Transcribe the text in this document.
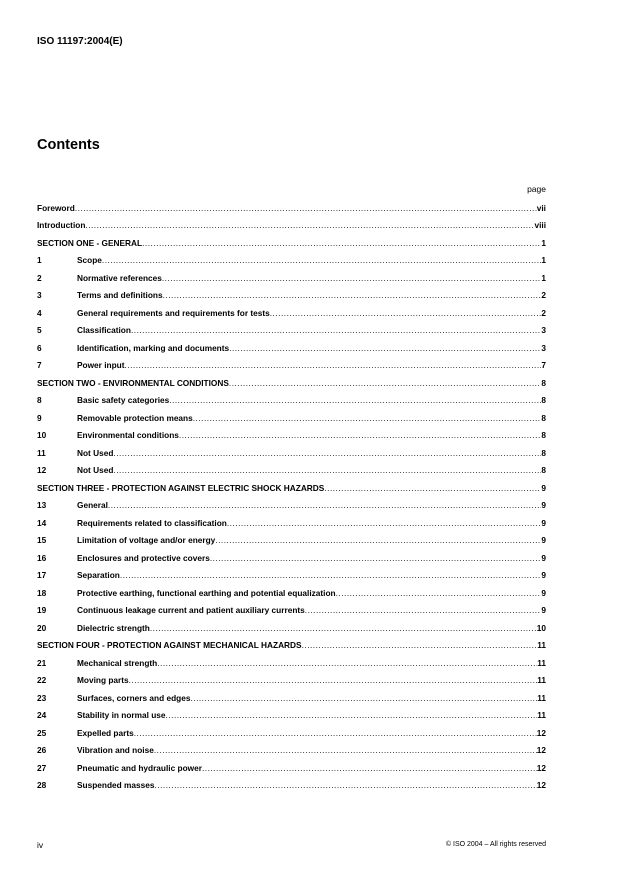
ISO 11197:2004(E)
Contents
page
Foreword .....	vii
Introduction .....	viii
SECTION ONE - GENERAL .....	1
1	Scope .....	1
2	Normative references .....	1
3	Terms and definitions .....	2
4	General requirements and requirements for tests .....	2
5	Classification .....	3
6	Identification, marking and documents .....	3
7	Power input .....	7
SECTION TWO - ENVIRONMENTAL CONDITIONS .....	8
8	Basic safety categories .....	8
9	Removable protection means .....	8
10	Environmental conditions .....	8
11	Not Used .....	8
12	Not Used .....	8
SECTION THREE - PROTECTION AGAINST ELECTRIC SHOCK HAZARDS .....	9
13	General .....	9
14	Requirements related to classification .....	9
15	Limitation of voltage and/or energy .....	9
16	Enclosures and protective covers .....	9
17	Separation .....	9
18	Protective earthing, functional earthing and potential equalization .....	9
19	Continuous leakage current and patient auxiliary currents .....	9
20	Dielectric strength .....	10
SECTION FOUR - PROTECTION AGAINST MECHANICAL HAZARDS .....	11
21	Mechanical strength .....	11
22	Moving parts .....	11
23	Surfaces, corners and edges .....	11
24	Stability in normal use .....	11
25	Expelled parts .....	12
26	Vibration and noise .....	12
27	Pneumatic and hydraulic power .....	12
28	Suspended masses .....	12
iv	© ISO 2004 – All rights reserved
